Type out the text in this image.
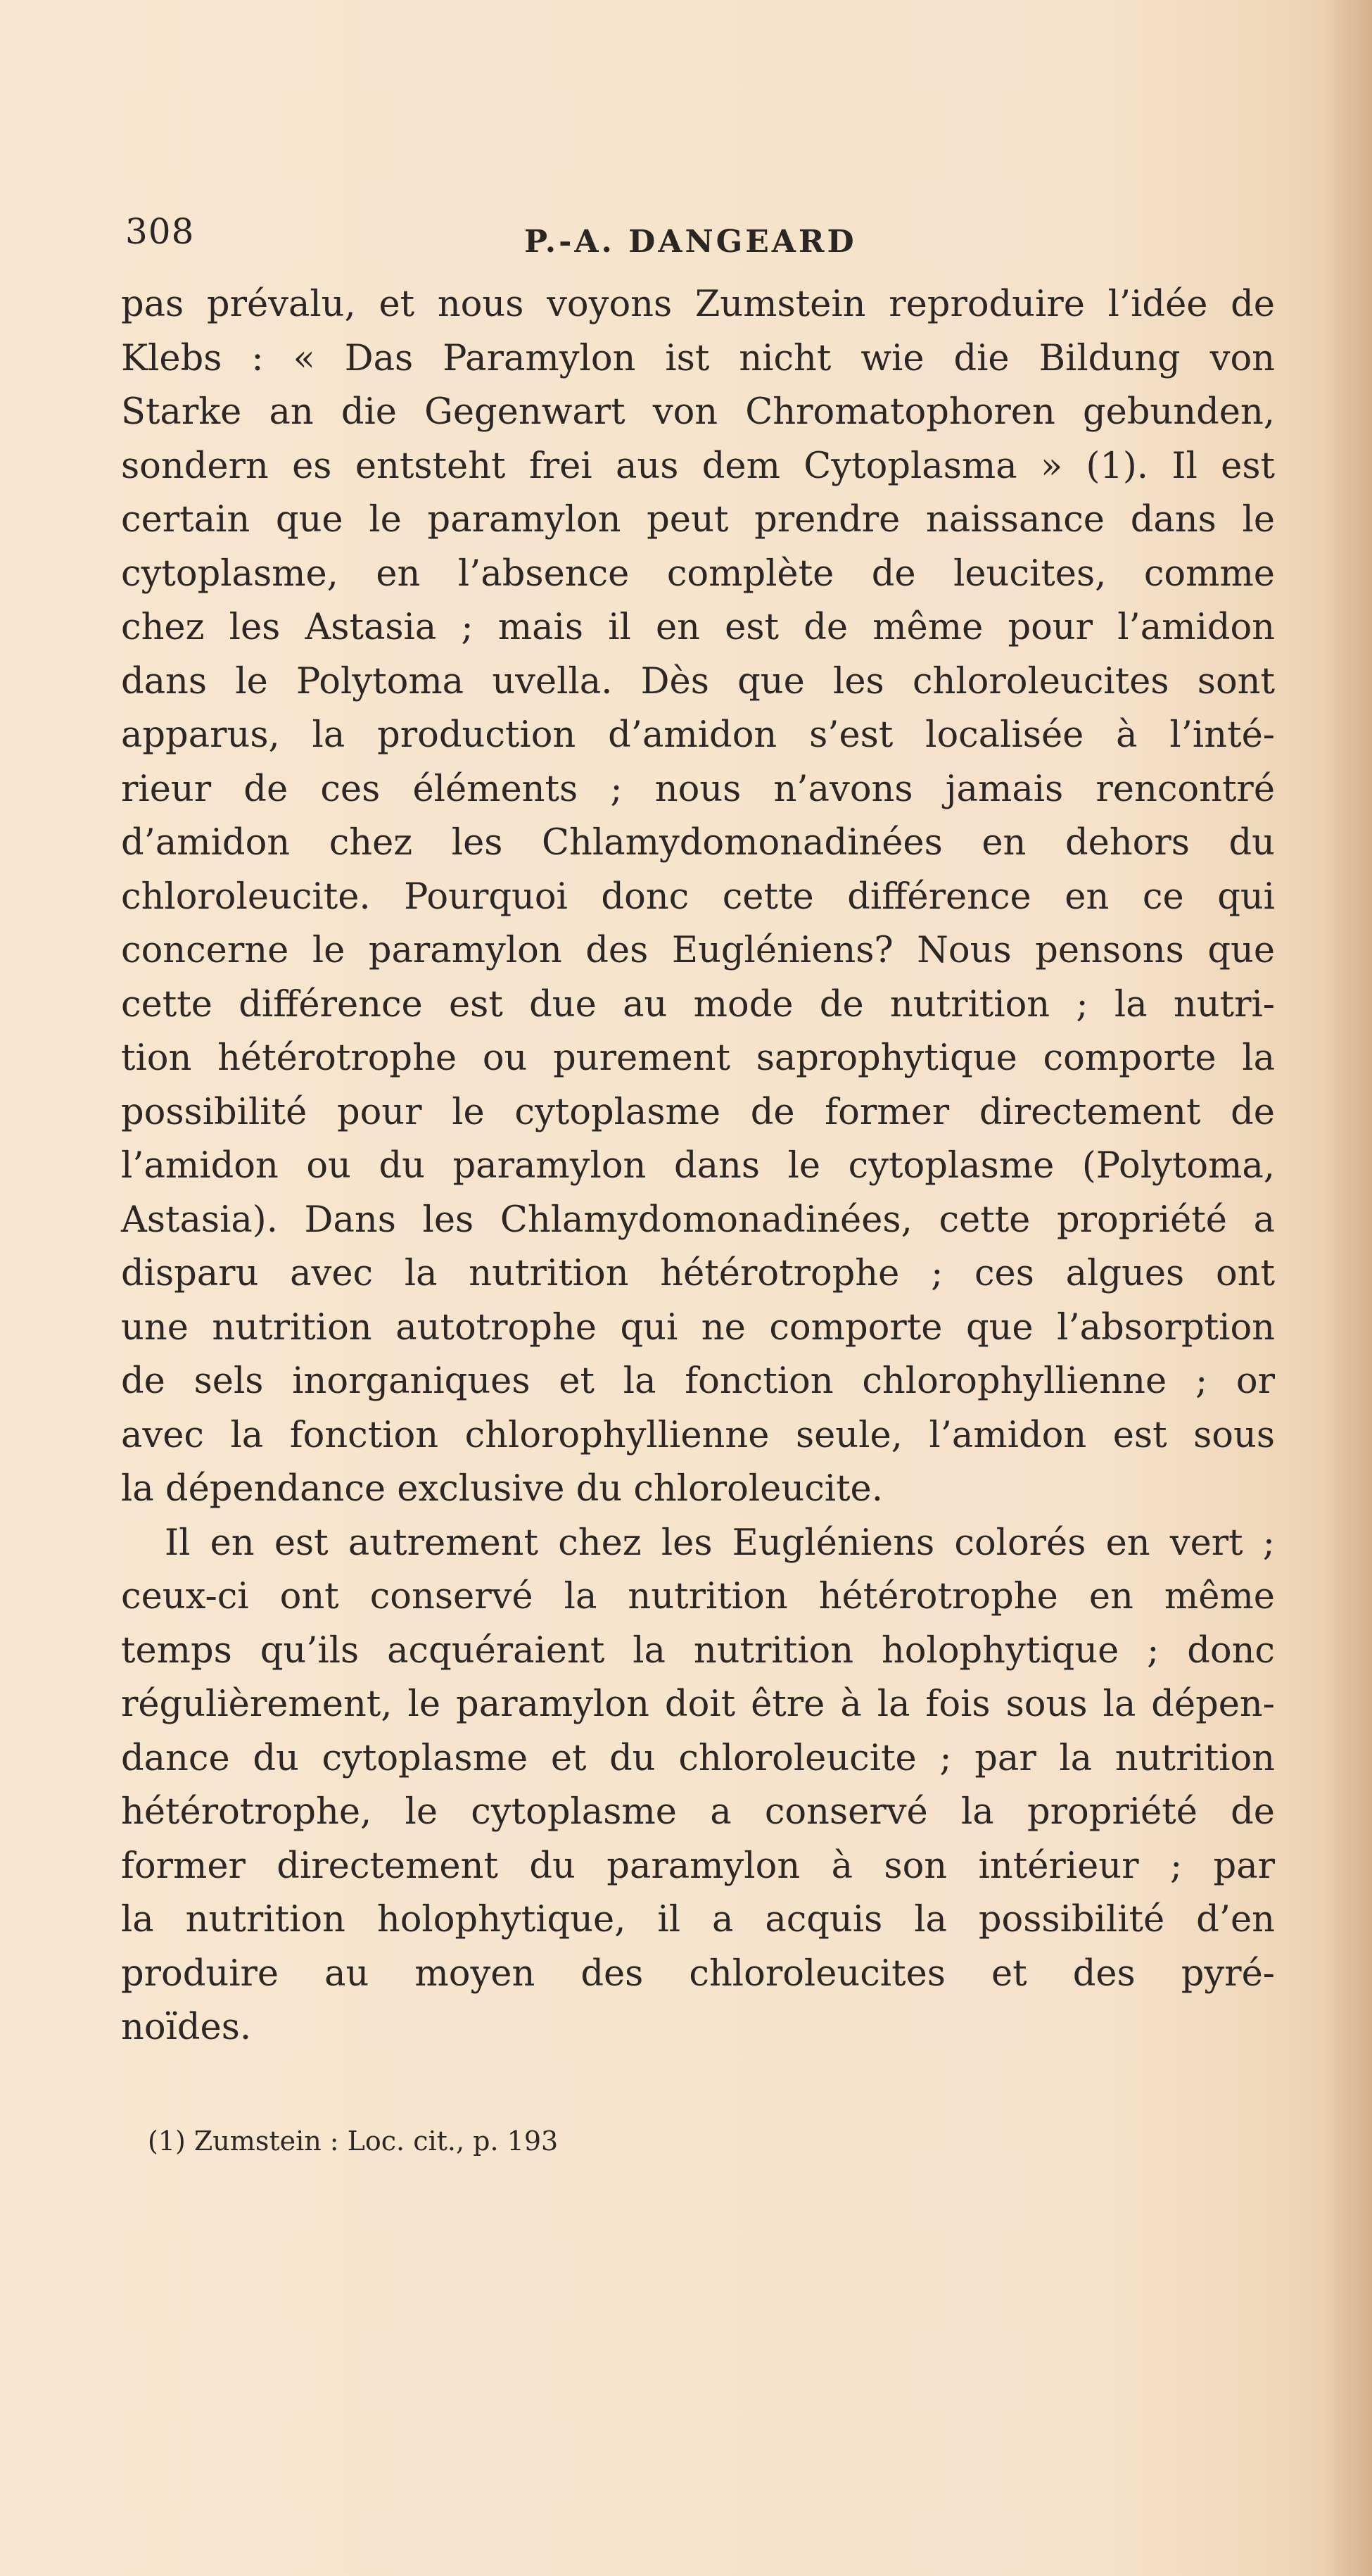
308	P.-A. DANGEARD
pas prévalu, et nous voyons Zumstein reproduire l’idée de
Klebs : « Das Paramylon ist nicht wie die Bildung von
Starke an die Gegenwart von Chromatophoren gebunden,
sondern es entsteht frei aus dem Cytoplasma » (1). Il est
certain que le paramylon peut prendre naissance dans le
cytoplasme, en l’absence complète de leucites, comme
chez les Astasia ; mais il en est de même pour l’amidon
dans le Polytoma uvella. Dès que les chloroleucites sont
apparus, la production d’amidon s’est localisée à l’inté-
rieur de ces éléments ; nous n’avons jamais rencontré
d’amidon chez les Chlamydomonadinées en dehors du
chloroleucite. Pourquoi donc cette différence en ce qui
concerne le paramylon des Eugléniens? Nous pensons que
cette différence est due au mode de nutrition ; la nutri-
tion hétérotrophe ou purement saprophytique comporte la
possibilité pour le cytoplasme de former directement de
l’amidon ou du paramylon dans le cytoplasme (Polytoma,
Astasia). Dans les Chlamydomonadinées, cette propriété a
disparu avec la nutrition hétérotrophe ; ces algues ont
une nutrition autotrophe qui ne comporte que l’absorption
de sels inorganiques et la fonction chlorophyllienne ; or
avec la fonction chlorophyllienne seule, l’amidon est sous
la dépendance exclusive du chloroleucite.
Il en est autrement chez les Eugléniens colorés en vert ;
ceux-ci ont conservé la nutrition hétérotrophe en même
temps qu’ils acquéraient la nutrition holophytique ; donc
régulièrement, le paramylon doit être à la fois sous la dépen-
dance du cytoplasme et du chloroleucite ; par la nutrition
hétérotrophe, le cytoplasme a conservé la propriété de
former directement du paramylon à son intérieur ; par
la nutrition holophytique, il a acquis la possibilité d’en
produire au moyen des chloroleucites et des pyré-
noïdes.
(1) Zumstein : Loc. cit., p. 193
